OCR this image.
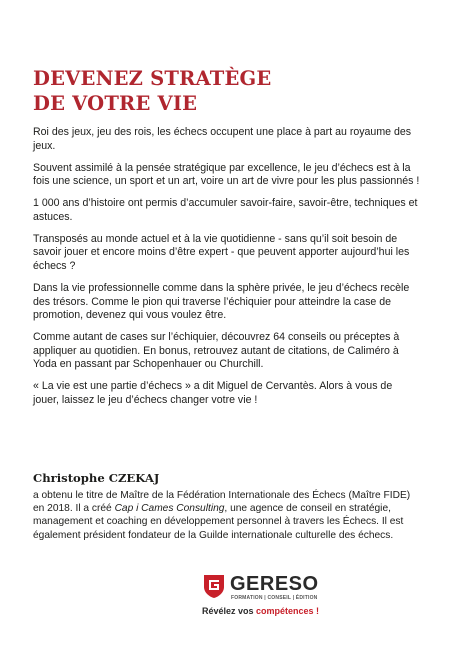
DEVENEZ STRATÈGE
DE VOTRE VIE

Roi des jeux, jeu des rois, les échecs occupent une place à part au royaume des jeux.

Souvent assimilé à la pensée stratégique par excellence, le jeu d’échecs est à la fois une science, un sport et un art, voire un art de vivre pour les plus passionnés !

1 000 ans d’histoire ont permis d’accumuler savoir-faire, savoir-être, techniques et astuces.

Transposés au monde actuel et à la vie quotidienne - sans qu’il soit besoin de savoir jouer et encore moins d’être expert - que peuvent apporter aujourd’hui les échecs ?

Dans la vie professionnelle comme dans la sphère privée, le jeu d’échecs recèle des trésors. Comme le pion qui traverse l’échiquier pour atteindre la case de promotion, devenez qui vous voulez être.

Comme autant de cases sur l’échiquier, découvrez 64 conseils ou préceptes à appliquer au quotidien. En bonus, retrouvez autant de citations, de Caliméro à Yoda en passant par Schopenhauer ou Churchill.

« La vie est une partie d’échecs » a dit Miguel de Cervantès. Alors à vous de jouer, laissez le jeu d’échecs changer votre vie !

Christophe CZEKAJ

a obtenu le titre de Maître de la Fédération Internationale des Échecs (Maître FIDE) en 2018. Il a créé Cap i Cames Consulting, une agence de conseil en stratégie, management et coaching en développement personnel à travers les Échecs. Il est également président fondateur de la Guilde internationale culturelle des échecs.

GERESO
FORMATION | CONSEIL | ÉDITION
Révélez vos compétences !
